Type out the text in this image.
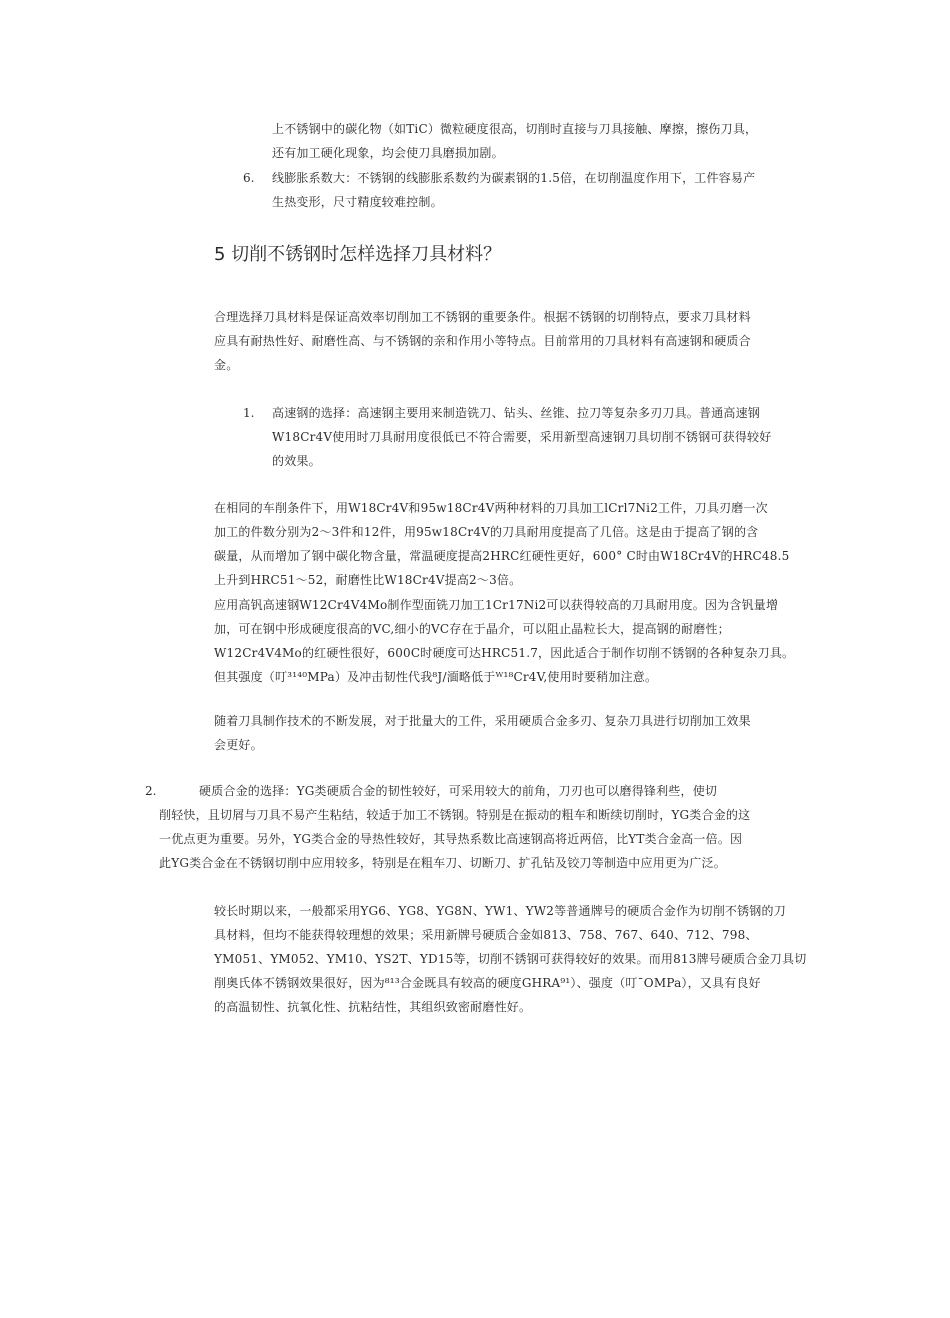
上不锈钢中的碳化物（如TiC）微粒硬度很高，切削时直接与刀具接触、摩擦，擦伤刀具，
还有加工硬化现象，均会使刀具磨损加剧。
6. 线膨胀系数大：不锈钢的线膨胀系数约为碳素钢的1.5倍，在切削温度作用下，工件容易产
生热变形，尺寸精度较难控制。
5 切削不锈钢时怎样选择刀具材料？
合理选择刀具材料是保证高效率切削加工不锈钢的重要条件。根据不锈钢的切削特点，要求刀具材料
应具有耐热性好、耐磨性高、与不锈钢的亲和作用小等特点。目前常用的刀具材料有高速钢和硬质合
金。
1. 高速钢的选择：高速钢主要用来制造铣刀、钻头、丝锥、拉刀等复杂多刃刀具。普通高速钢
W18Cr4V使用时刀具耐用度很低已不符合需要，采用新型高速钢刀具切削不锈钢可获得较好
的效果。
在相同的车削条件下，用W18Cr4V和95w18Cr4V两种材料的刀具加工lCrl7Ni2工件，刀具刃磨一次
加工的件数分别为2～3件和12件，用95w18Cr4V的刀具耐用度提高了几倍。这是由于提高了钢的含
碳量，从而增加了钢中碳化物含量，常温硬度提高2HRC红硬性更好，600° C时由W18Cr4V的HRC48.5
上升到HRC51～52，耐磨性比W18Cr4V提高2～3倍。
应用高钒高速钢W12Cr4V4Mo制作型面铣刀加工1Cr17Ni2可以获得较高的刀具耐用度。因为含钒量增
加，可在钢中形成硬度很高的VC,细小的VC存在于晶介，可以阻止晶粒长大，提高钢的耐磨性；
W12Cr4V4Mo的红硬性很好，600C时硬度可达HRC51.7，因此适合于制作切削不锈钢的各种复杂刀具。
但其强度（叮³¹⁴⁰MPa）及冲击韧性代我⁸J/湎略低于ᵂ¹⁸Cr4V,使用时要稍加注意。
随着刀具制作技术的不断发展，对于批量大的工件，采用硬质合金多刃、复杂刀具进行切削加工效果
会更好。
2.	硬质合金的选择：YG类硬质合金的韧性较好，可采用较大的前角，刀刃也可以磨得锋利些，使切
削轻快，且切屑与刀具不易产生粘结，较适于加工不锈钢。特别是在振动的粗车和断续切削时，YG类合金的这
一优点更为重要。另外，YG类合金的导热性较好，其导热系数比高速钢高将近两倍，比YT类合金高一倍。因
此YG类合金在不锈钢切削中应用较多，特别是在粗车刀、切断刀、扩孔钻及铰刀等制造中应用更为广泛。
较长时期以来，一般都采用YG6、YG8、YG8N、YW1、YW2等普通牌号的硬质合金作为切削不锈钢的刀
具材料，但均不能获得较理想的效果；采用新牌号硬质合金如813、758、767、640、712、798、
YM051、YM052、YM10、YS2T、YD15等，切削不锈钢可获得较好的效果。而用813牌号硬质合金刀具切
削奥氏体不锈钢效果很好，因为⁸¹³合金既具有较高的硬度GHRA⁹¹）、强度（叮¯OMPa），又具有良好
的高温韧性、抗氧化性、抗粘结性，其组织致密耐磨性好。
